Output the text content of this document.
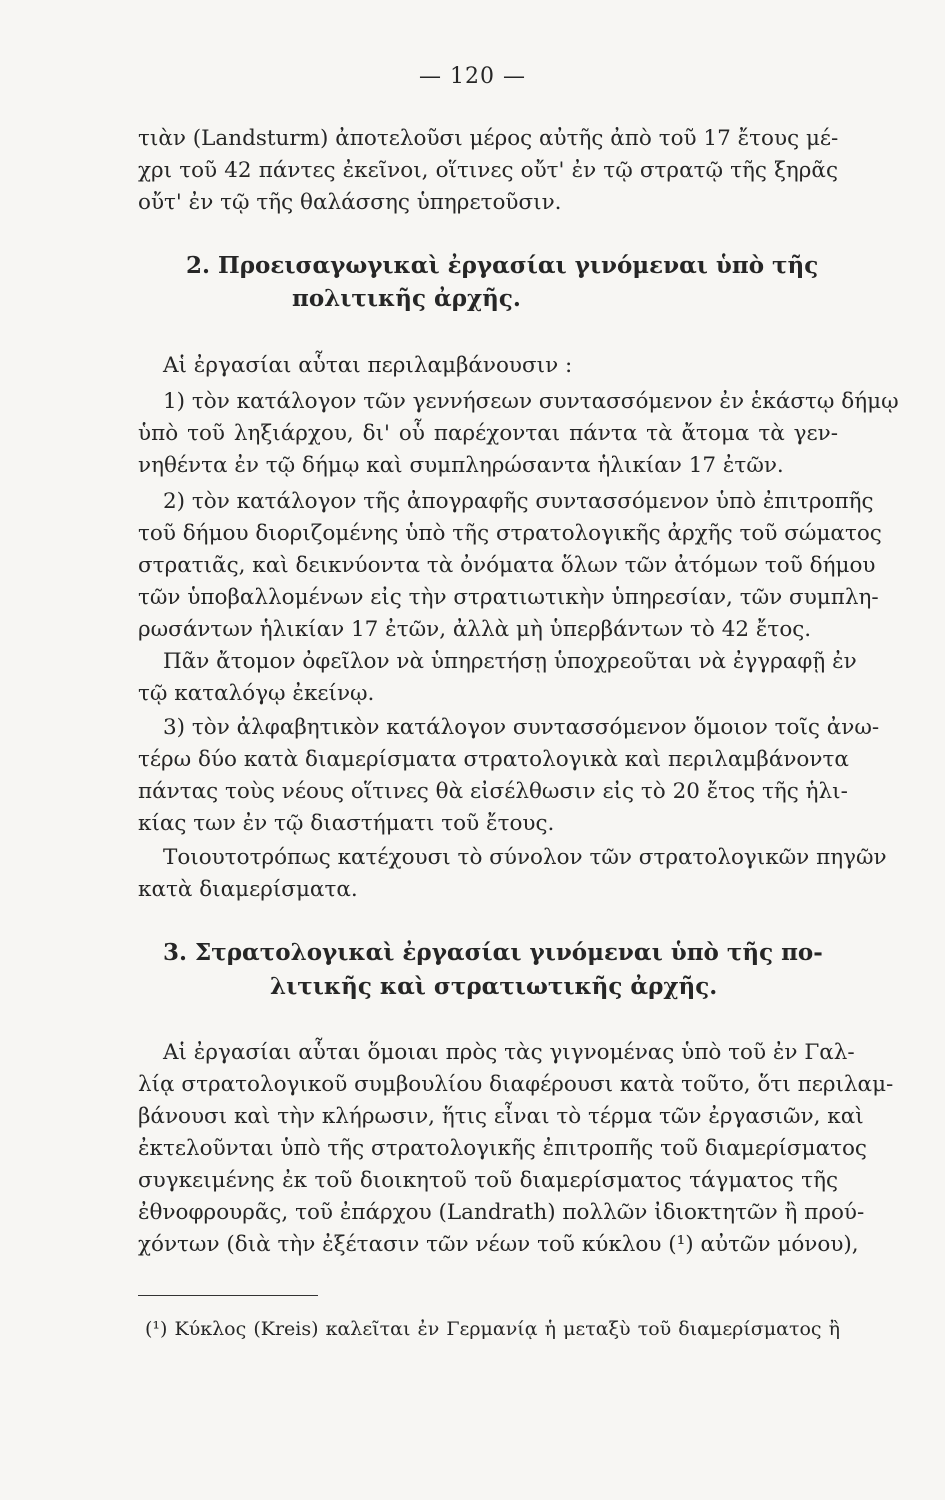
— 120 —
τιὰν (Landsturm) ἀποτελοῦσι μέρος αὐτῆς ἀπὸ τοῦ 17 ἔτους μέ-
χρι τοῦ 42 πάντες ἐκεῖνοι, οἵτινες οὔτ' ἐν τῷ στρατῷ τῆς ξηρᾶς
οὔτ' ἐν τῷ τῆς θαλάσσης ὑπηρετοῦσιν.
2. Προεισαγωγικαὶ ἐργασίαι γινόμεναι ὑπὸ τῆς
πολιτικῆς ἀρχῆς.
Αἱ ἐργασίαι αὗται περιλαμβάνουσιν :
1) τὸν κατάλογον τῶν γεννήσεων συντασσόμενον ἐν ἑκάστῳ δήμῳ
ὑπὸ τοῦ ληξιάρχου, δι' οὗ παρέχονται πάντα τὰ ἄτομα τὰ γεν-
νηθέντα ἐν τῷ δήμῳ καὶ συμπληρώσαντα ἡλικίαν 17 ἐτῶν.
2) τὸν κατάλογον τῆς ἀπογραφῆς συντασσόμενον ὑπὸ ἐπιτροπῆς
τοῦ δήμου διοριζομένης ὑπὸ τῆς στρατολογικῆς ἀρχῆς τοῦ σώματος
στρατιᾶς, καὶ δεικνύοντα τὰ ὀνόματα ὅλων τῶν ἀτόμων τοῦ δήμου
τῶν ὑποβαλλομένων εἰς τὴν στρατιωτικὴν ὑπηρεσίαν, τῶν συμπλη-
ρωσάντων ἡλικίαν 17 ἐτῶν, ἀλλὰ μὴ ὑπερβάντων τὸ 42 ἔτος.
Πᾶν ἄτομον ὀφεῖλον νὰ ὑπηρετήσῃ ὑποχρεοῦται νὰ ἐγγραφῇ ἐν
τῷ καταλόγῳ ἐκείνῳ.
3) τὸν ἀλφαβητικὸν κατάλογον συντασσόμενον ὅμοιον τοῖς ἀνω-
τέρω δύο κατὰ διαμερίσματα στρατολογικὰ καὶ περιλαμβάνοντα
πάντας τοὺς νέους οἵτινες θὰ εἰσέλθωσιν εἰς τὸ 20 ἔτος τῆς ἡλι-
κίας των ἐν τῷ διαστήματι τοῦ ἔτους.
Τοιουτοτρόπως κατέχουσι τὸ σύνολον τῶν στρατολογικῶν πηγῶν
κατὰ διαμερίσματα.
3. Στρατολογικαὶ ἐργασίαι γινόμεναι ὑπὸ τῆς πο-
λιτικῆς καὶ στρατιωτικῆς ἀρχῆς.
Αἱ ἐργασίαι αὗται ὅμοιαι πρὸς τὰς γιγνομένας ὑπὸ τοῦ ἐν Γαλ-
λίᾳ στρατολογικοῦ συμβουλίου διαφέρουσι κατὰ τοῦτο, ὅτι περιλαμ-
βάνουσι καὶ τὴν κλήρωσιν, ἥτις εἶναι τὸ τέρμα τῶν ἐργασιῶν, καὶ
ἐκτελοῦνται ὑπὸ τῆς στρατολογικῆς ἐπιτροπῆς τοῦ διαμερίσματος
συγκειμένης ἐκ τοῦ διοικητοῦ τοῦ διαμερίσματος τάγματος τῆς
ἐθνοφρουρᾶς, τοῦ ἐπάρχου (Landrath) πολλῶν ἰδιοκτητῶν ἢ πρού-
χόντων (διὰ τὴν ἐξέτασιν τῶν νέων τοῦ κύκλου (¹) αὐτῶν μόνου),
(¹) Κύκλος (Kreis) καλεῖται ἐν Γερμανίᾳ ἡ μεταξὺ τοῦ διαμερίσματος ἢ
